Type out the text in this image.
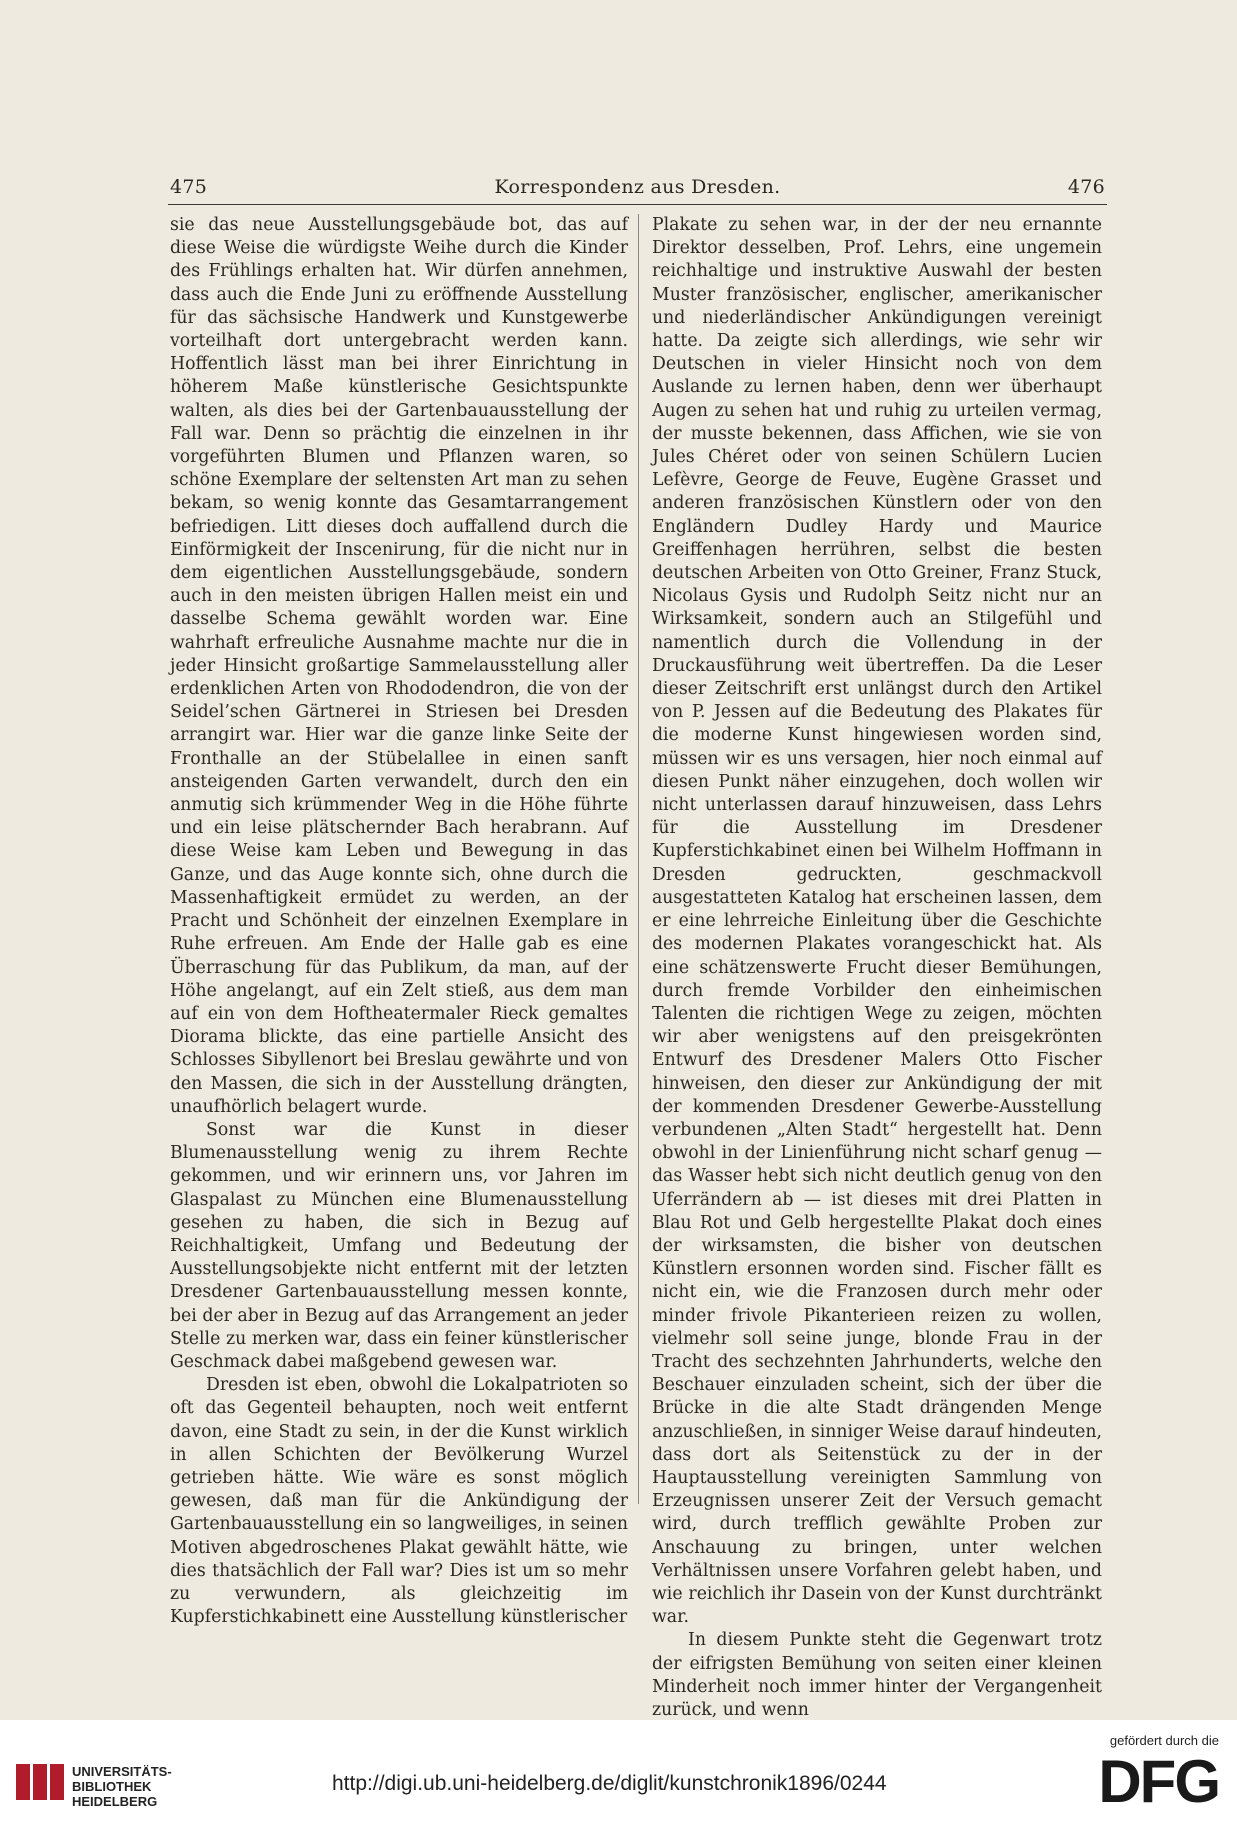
475	Korrespondenz aus Dresden.	476

sie das neue Ausstellungsgebäude bot, das auf diese Weise die würdigste Weihe durch die Kinder des Frühlings erhalten hat. Wir dürfen annehmen, dass auch die Ende Juni zu eröffnende Ausstellung für das sächsische Handwerk und Kunstgewerbe vorteilhaft dort untergebracht werden kann. Hoffentlich lässt man bei ihrer Einrichtung in höherem Maße künstlerische Gesichtspunkte walten, als dies bei der Gartenbauausstellung der Fall war. Denn so prächtig die einzelnen in ihr vorgeführten Blumen und Pflanzen waren, so schöne Exemplare der seltensten Art man zu sehen bekam, so wenig konnte das Gesamtarrangement befriedigen. Litt dieses doch auffallend durch die Einförmigkeit der Inscenirung, für die nicht nur in dem eigentlichen Ausstellungsgebäude, sondern auch in den meisten übrigen Hallen meist ein und dasselbe Schema gewählt worden war. Eine wahrhaft erfreuliche Ausnahme machte nur die in jeder Hinsicht großartige Sammelausstellung aller erdenklichen Arten von Rhododendron, die von der Seidel’schen Gärtnerei in Striesen bei Dresden arrangirt war. Hier war die ganze linke Seite der Fronthalle an der Stübelallee in einen sanft ansteigenden Garten verwandelt, durch den ein anmutig sich krümmender Weg in die Höhe führte und ein leise plätschernder Bach herabrann. Auf diese Weise kam Leben und Bewegung in das Ganze, und das Auge konnte sich, ohne durch die Massenhaftigkeit ermüdet zu werden, an der Pracht und Schönheit der einzelnen Exemplare in Ruhe erfreuen. Am Ende der Halle gab es eine Überraschung für das Publikum, da man, auf der Höhe angelangt, auf ein Zelt stieß, aus dem man auf ein von dem Hoftheatermaler Rieck gemaltes Diorama blickte, das eine partielle Ansicht des Schlosses Sibyllenort bei Breslau gewährte und von den Massen, die sich in der Ausstellung drängten, unaufhörlich belagert wurde.

Sonst war die Kunst in dieser Blumenausstellung wenig zu ihrem Rechte gekommen, und wir erinnern uns, vor Jahren im Glaspalast zu München eine Blumenausstellung gesehen zu haben, die sich in Bezug auf Reichhaltigkeit, Umfang und Bedeutung der Ausstellungsobjekte nicht entfernt mit der letzten Dresdener Gartenbauausstellung messen konnte, bei der aber in Bezug auf das Arrangement an jeder Stelle zu merken war, dass ein feiner künstlerischer Geschmack dabei maßgebend gewesen war.

Dresden ist eben, obwohl die Lokalpatrioten so oft das Gegenteil behaupten, noch weit entfernt davon, eine Stadt zu sein, in der die Kunst wirklich in allen Schichten der Bevölkerung Wurzel getrieben hätte. Wie wäre es sonst möglich gewesen, daß man für die Ankündigung der Gartenbauausstellung ein so langweiliges, in seinen Motiven abgedroschenes Plakat gewählt hätte, wie dies thatsächlich der Fall war? Dies ist um so mehr zu verwundern, als gleichzeitig im Kupferstichkabinett eine Ausstellung künstlerischer

Plakate zu sehen war, in der der neu ernannte Direktor desselben, Prof. Lehrs, eine ungemein reichhaltige und instruktive Auswahl der besten Muster französischer, englischer, amerikanischer und niederländischer Ankündigungen vereinigt hatte. Da zeigte sich allerdings, wie sehr wir Deutschen in vieler Hinsicht noch von dem Auslande zu lernen haben, denn wer überhaupt Augen zu sehen hat und ruhig zu urteilen vermag, der musste bekennen, dass Affichen, wie sie von Jules Chéret oder von seinen Schülern Lucien Lefèvre, George de Feuve, Eugène Grasset und anderen französischen Künstlern oder von den Engländern Dudley Hardy und Maurice Greiffenhagen herrühren, selbst die besten deutschen Arbeiten von Otto Greiner, Franz Stuck, Nicolaus Gysis und Rudolph Seitz nicht nur an Wirksamkeit, sondern auch an Stilgefühl und namentlich durch die Vollendung in der Druckausführung weit übertreffen. Da die Leser dieser Zeitschrift erst unlängst durch den Artikel von P. Jessen auf die Bedeutung des Plakates für die moderne Kunst hingewiesen worden sind, müssen wir es uns versagen, hier noch einmal auf diesen Punkt näher einzugehen, doch wollen wir nicht unterlassen darauf hinzuweisen, dass Lehrs für die Ausstellung im Dresdener Kupferstichkabinet einen bei Wilhelm Hoffmann in Dresden gedruckten, geschmackvoll ausgestatteten Katalog hat erscheinen lassen, dem er eine lehrreiche Einleitung über die Geschichte des modernen Plakates vorangeschickt hat. Als eine schätzenswerte Frucht dieser Bemühungen, durch fremde Vorbilder den einheimischen Talenten die richtigen Wege zu zeigen, möchten wir aber wenigstens auf den preisgekrönten Entwurf des Dresdener Malers Otto Fischer hinweisen, den dieser zur Ankündigung der mit der kommenden Dresdener Gewerbe-Ausstellung verbundenen „Alten Stadt“ hergestellt hat. Denn obwohl in der Linienführung nicht scharf genug — das Wasser hebt sich nicht deutlich genug von den Uferrändern ab — ist dieses mit drei Platten in Blau Rot und Gelb hergestellte Plakat doch eines der wirksamsten, die bisher von deutschen Künstlern ersonnen worden sind. Fischer fällt es nicht ein, wie die Franzosen durch mehr oder minder frivole Pikanterieen reizen zu wollen, vielmehr soll seine junge, blonde Frau in der Tracht des sechzehnten Jahrhunderts, welche den Beschauer einzuladen scheint, sich der über die Brücke in die alte Stadt drängenden Menge anzuschließen, in sinniger Weise darauf hindeuten, dass dort als Seitenstück zu der in der Hauptausstellung vereinigten Sammlung von Erzeugnissen unserer Zeit der Versuch gemacht wird, durch trefflich gewählte Proben zur Anschauung zu bringen, unter welchen Verhältnissen unsere Vorfahren gelebt haben, und wie reichlich ihr Dasein von der Kunst durchtränkt war.

In diesem Punkte steht die Gegenwart trotz der eifrigsten Bemühung von seiten einer kleinen Minderheit noch immer hinter der Vergangenheit zurück, und wenn

UNIVERSITÄTS-
BIBLIOTHEK
HEIDELBERG
http://digi.ub.uni-heidelberg.de/diglit/kunstchronik1896/0244
gefördert durch die
DFG
